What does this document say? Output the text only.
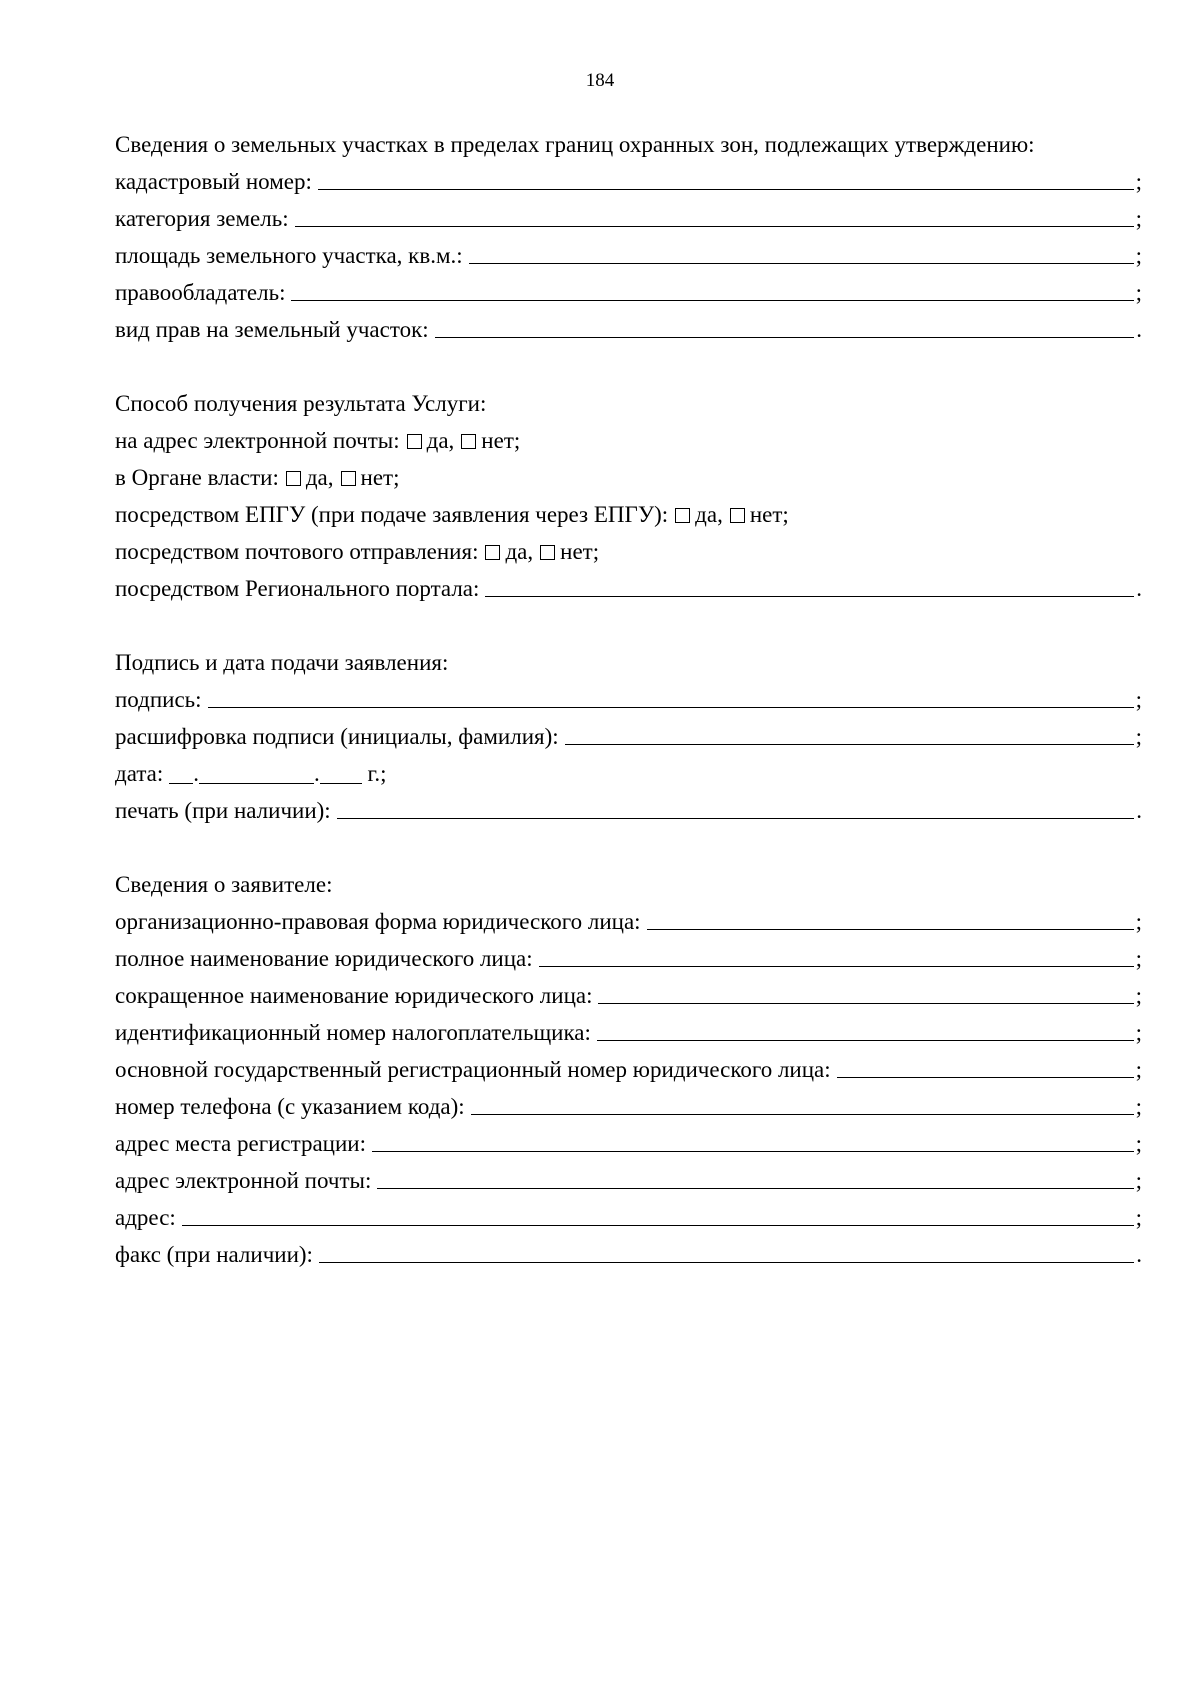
184
Сведения о земельных участках в пределах границ охранных зон, подлежащих утверждению:
кадастровый номер:	;
категория земель:	;
площадь земельного участка, кв.м.:	;
правообладатель:	;
вид прав на земельный участок:	.
Способ получения результата Услуги:
на адрес электронной почты: да, нет;
в Органе власти: да, нет;
посредством ЕПГУ (при подаче заявления через ЕПГУ): да, нет;
посредством почтового отправления: да, нет;
посредством Регионального портала:	.
Подпись и дата подачи заявления:
подпись:	;
расшифровка подписи (инициалы, фамилия):	;
дата: .	. г.;
печать (при наличии):	.
Сведения о заявителе:
организационно-правовая форма юридического лица:	;
полное наименование юридического лица:	;
сокращенное наименование юридического лица:	;
идентификационный номер налогоплательщика:	;
основной государственный регистрационный номер юридического лица:	;
номер телефона (с указанием кода):	;
адрес места регистрации:	;
адрес электронной почты:	;
адрес:	;
факс (при наличии):	.
